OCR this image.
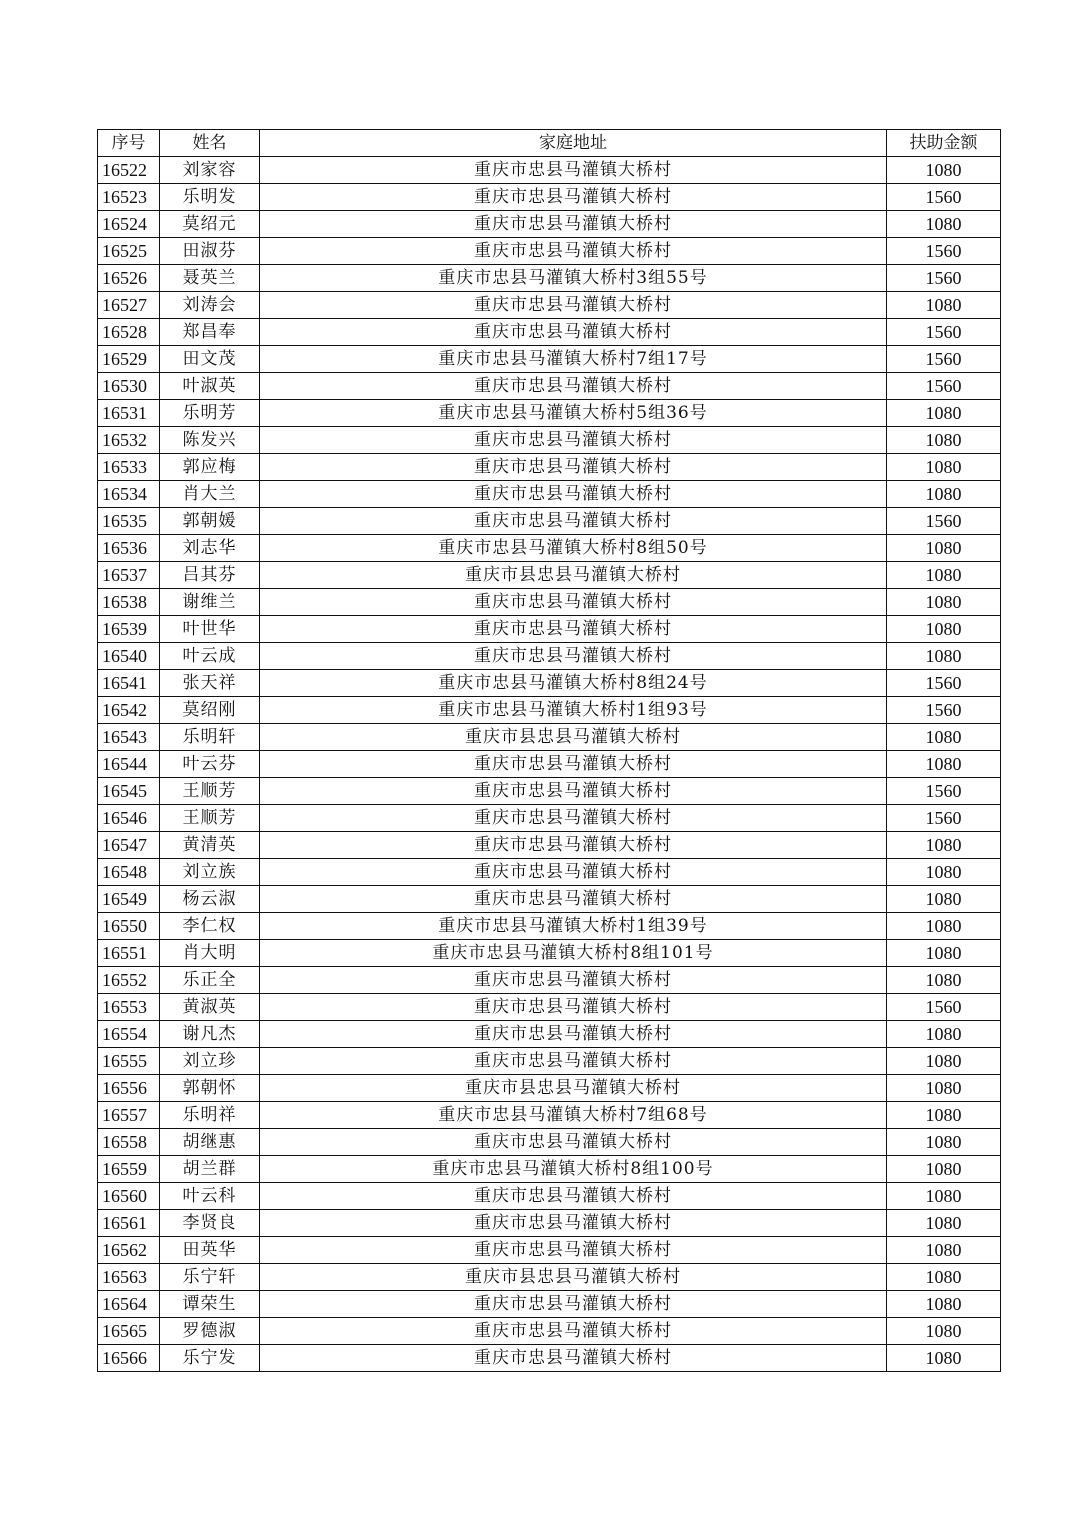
序号	姓名	家庭地址	扶助金额
16522	刘家容	重庆市忠县马灌镇大桥村	1080
16523	乐明发	重庆市忠县马灌镇大桥村	1560
16524	莫绍元	重庆市忠县马灌镇大桥村	1080
16525	田淑芬	重庆市忠县马灌镇大桥村	1560
16526	聂英兰	重庆市忠县马灌镇大桥村3组55号	1560
16527	刘涛会	重庆市忠县马灌镇大桥村	1080
16528	郑昌奉	重庆市忠县马灌镇大桥村	1560
16529	田文茂	重庆市忠县马灌镇大桥村7组17号	1560
16530	叶淑英	重庆市忠县马灌镇大桥村	1560
16531	乐明芳	重庆市忠县马灌镇大桥村5组36号	1080
16532	陈发兴	重庆市忠县马灌镇大桥村	1080
16533	郭应梅	重庆市忠县马灌镇大桥村	1080
16534	肖大兰	重庆市忠县马灌镇大桥村	1080
16535	郭朝媛	重庆市忠县马灌镇大桥村	1560
16536	刘志华	重庆市忠县马灌镇大桥村8组50号	1080
16537	吕其芬	重庆市县忠县马灌镇大桥村	1080
16538	谢维兰	重庆市忠县马灌镇大桥村	1080
16539	叶世华	重庆市忠县马灌镇大桥村	1080
16540	叶云成	重庆市忠县马灌镇大桥村	1080
16541	张天祥	重庆市忠县马灌镇大桥村8组24号	1560
16542	莫绍刚	重庆市忠县马灌镇大桥村1组93号	1560
16543	乐明轩	重庆市县忠县马灌镇大桥村	1080
16544	叶云芬	重庆市忠县马灌镇大桥村	1080
16545	王顺芳	重庆市忠县马灌镇大桥村	1560
16546	王顺芳	重庆市忠县马灌镇大桥村	1560
16547	黄清英	重庆市忠县马灌镇大桥村	1080
16548	刘立族	重庆市忠县马灌镇大桥村	1080
16549	杨云淑	重庆市忠县马灌镇大桥村	1080
16550	李仁权	重庆市忠县马灌镇大桥村1组39号	1080
16551	肖大明	重庆市忠县马灌镇大桥村8组101号	1080
16552	乐正全	重庆市忠县马灌镇大桥村	1080
16553	黄淑英	重庆市忠县马灌镇大桥村	1560
16554	谢凡杰	重庆市忠县马灌镇大桥村	1080
16555	刘立珍	重庆市忠县马灌镇大桥村	1080
16556	郭朝怀	重庆市县忠县马灌镇大桥村	1080
16557	乐明祥	重庆市忠县马灌镇大桥村7组68号	1080
16558	胡继惠	重庆市忠县马灌镇大桥村	1080
16559	胡兰群	重庆市忠县马灌镇大桥村8组100号	1080
16560	叶云科	重庆市忠县马灌镇大桥村	1080
16561	李贤良	重庆市忠县马灌镇大桥村	1080
16562	田英华	重庆市忠县马灌镇大桥村	1080
16563	乐宁轩	重庆市县忠县马灌镇大桥村	1080
16564	谭荣生	重庆市忠县马灌镇大桥村	1080
16565	罗德淑	重庆市忠县马灌镇大桥村	1080
16566	乐宁发	重庆市忠县马灌镇大桥村	1080
